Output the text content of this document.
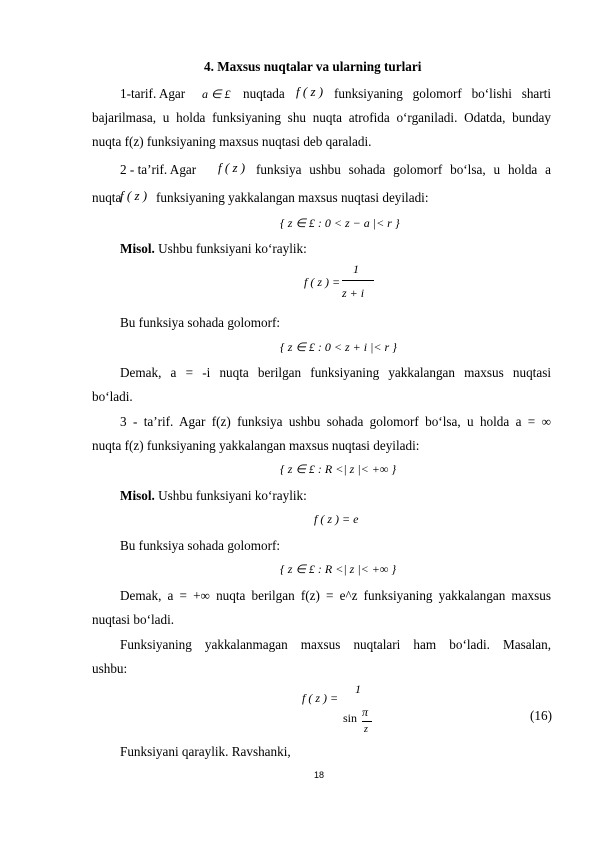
4. Maxsus nuqtalar va ularning turlari
1-tarif. Agar a ∈ £ nuqtada f ( z ) funksiyaning golomorf bo‘lishi sharti
bajarilmasa, u holda funksiyaning shu nuqta atrofida o‘rganiladi. Odatda, bunday
nuqta f(z) funksiyaning maxsus nuqtasi deb qaraladi.
2 - ta’rif. Agar f ( z ) funksiya ushbu sohada golomorf bo‘lsa, u holda a
nuqta
f ( z ) funksiyaning yakkalangan maxsus nuqtasi deyiladi:
{ z ∈ £ : 0 < z − a |< r }
Misol. Ushbu funksiyani ko‘raylik:
f ( z ) =
1
z + i
Bu funksiya sohada golomorf:
{ z ∈ £ : 0 < z + i |< r }
Demak, a = -i nuqta berilgan funksiyaning yakkalangan maxsus nuqtasi
bo‘ladi.
3 - ta’rif. Agar f(z) funksiya ushbu sohada golomorf bo‘lsa, u holda a = ∞
nuqta f(z) funksiyaning yakkalangan maxsus nuqtasi deyiladi:
{ z ∈ £ : R <| z |< +∞ }
Misol. Ushbu funksiyani ko‘raylik:
f ( z ) = e
Bu funksiya sohada golomorf:
{ z ∈ £ : R <| z |< +∞ }
Demak, a = +∞ nuqta berilgan f(z) = e^z funksiyaning yakkalangan maxsus
nuqtasi bo‘ladi.
Funksiyaning yakkalanmagan maxsus nuqtalari ham bo‘ladi. Masalan,
ushbu:
f ( z ) =
1
sin π
z
(16)
Funksiyani qaraylik. Ravshanki,
18
